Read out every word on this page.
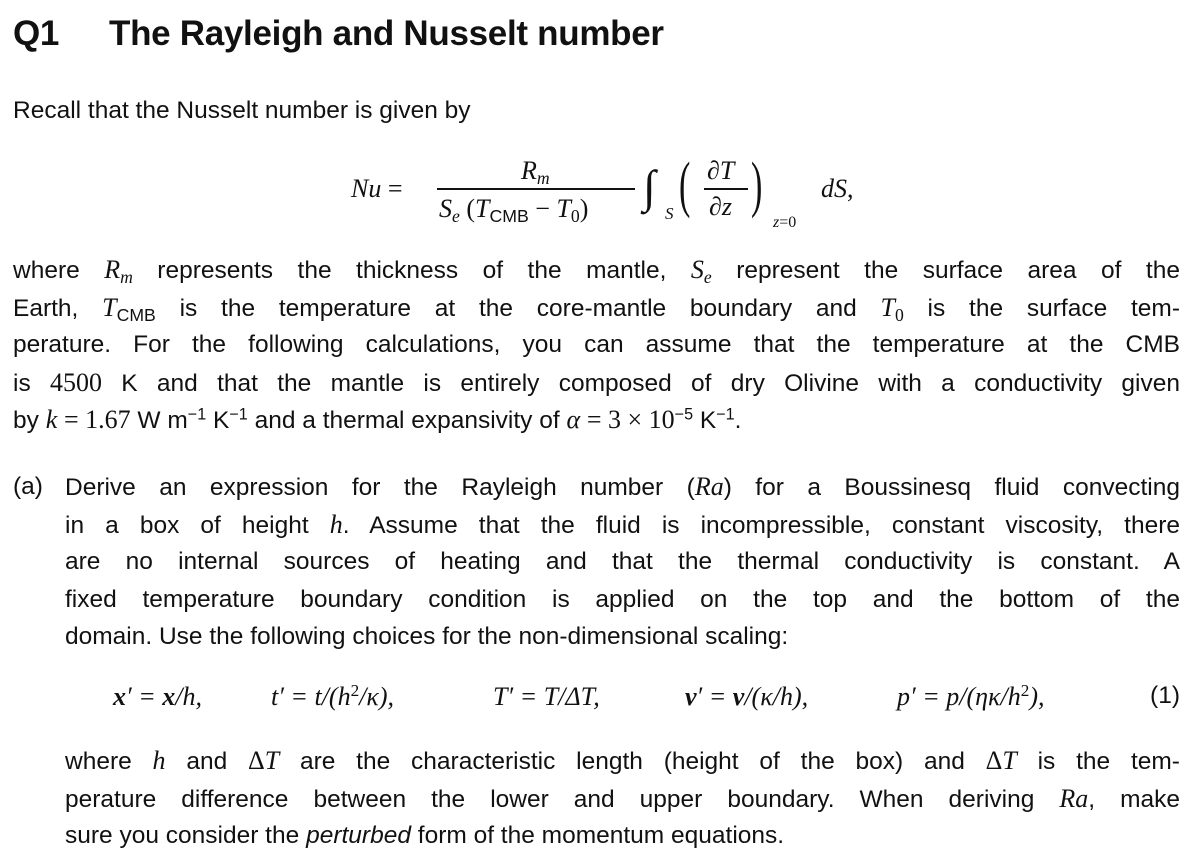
Q1 The Rayleigh and Nusselt number
Recall that the Nusselt number is given by
Nu =
$R_m$
$S_e$ $(T_{CMB} - T_0)$ ∫
S ( ∂T
∂z )
z=0
dS,
where $R_m$ represents the thickness of the mantle, $S_e$ represent the surface area of the
Earth, $T_{CMB}$ is the temperature at the core-mantle boundary and $T_0$ is the surface tem-
perature. For the following calculations, you can assume that the temperature at the CMB
is 4500 K and that the mantle is entirely composed of dry Olivine with a conductivity given
by k = 1.67 W $m^{-1}$ $K^{-1}$ and a thermal expansivity of $\alpha = 3 \times 10^{-5}$ $K^{-1}$.
(a) Derive an expression for the Rayleigh number (Ra) for a Boussinesq fluid convecting
in a box of height h. Assume that the fluid is incompressible, constant viscosity, there
are no internal sources of heating and that the thermal conductivity is constant. A
fixed temperature boundary condition is applied on the top and the bottom of the
domain. Use the following choices for the non-dimensional scaling:
x′ = x/h,	$t' = t/(h^2/\kappa)$,	T′ = T/ΔT,	v′ = v/(κ/h),	$p' = p/(\eta\kappa/h^2)$,	(1)
where h and ΔT are the characteristic length (height of the box) and ΔT is the tem-
perature difference between the lower and upper boundary. When deriving Ra, make
sure you consider the perturbed form of the momentum equations.
